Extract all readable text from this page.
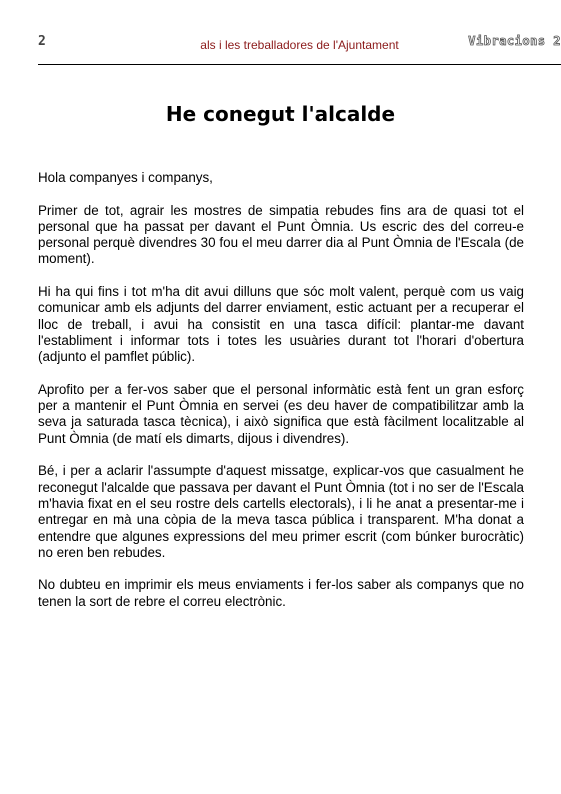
2	als i les treballadores de l'Ajuntament	Vibracions 2
He conegut l'alcalde

Hola companyes i companys,

Primer de tot, agrair les mostres de simpatia rebudes fins ara de quasi tot el personal que ha passat per davant el Punt Òmnia. Us escric des del correu-e personal perquè divendres 30 fou el meu darrer dia al Punt Òmnia de l'Escala (de moment).

Hi ha qui fins i tot m'ha dit avui dilluns que sóc molt valent, perquè com us vaig comunicar amb els adjunts del darrer enviament, estic actuant per a recuperar el lloc de treball, i avui ha consistit en una tasca difícil: plantar-me davant l'establiment i informar tots i totes les usuàries durant tot l'horari d'obertura (adjunto el pamflet públic).

Aprofito per a fer-vos saber que el personal informàtic està fent un gran esforç per a mantenir el Punt Òmnia en servei (es deu haver de compatibilitzar amb la seva ja saturada tasca tècnica), i això significa que està fàcilment localitzable al Punt Òmnia (de matí els dimarts, dijous i divendres).

Bé, i per a aclarir l'assumpte d'aquest missatge, explicar-vos que casualment he reconegut l'alcalde que passava per davant el Punt Òmnia (tot i no ser de l'Escala m'havia fixat en el seu rostre dels cartells electorals), i li he anat a presentar-me i entregar en mà una còpia de la meva tasca pública i transparent. M'ha donat a entendre que algunes expressions del meu primer escrit (com búnker burocràtic) no eren ben rebudes.

No dubteu en imprimir els meus enviaments i fer-los saber als companys que no tenen la sort de rebre el correu electrònic.
